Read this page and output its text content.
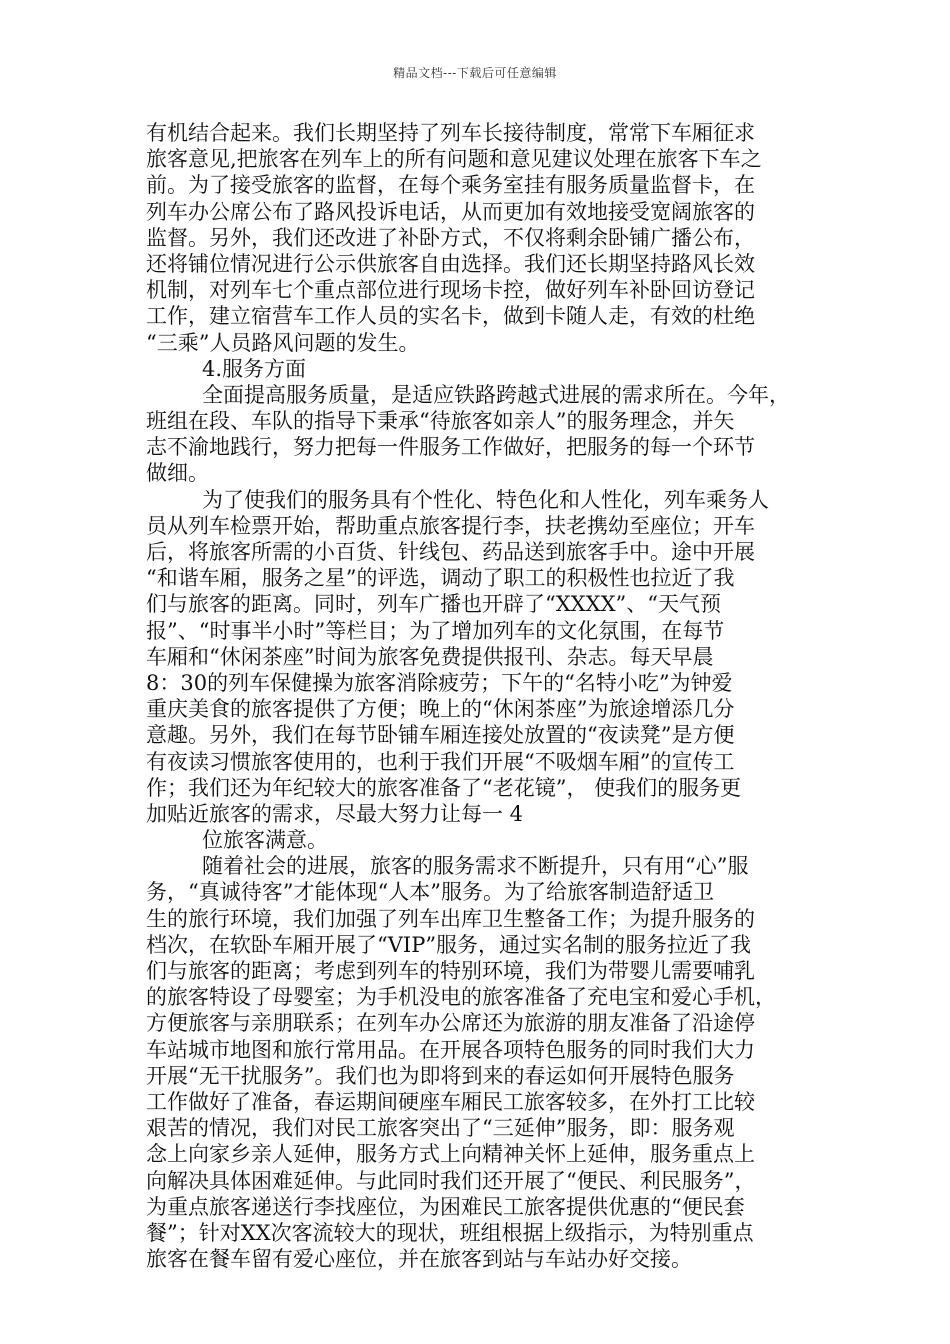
精品文档---下载后可任意编辑
有机结合起来。我们长期坚持了列车长接待制度，常常下车厢征求
旅客意见,把旅客在列车上的所有问题和意见建议处理在旅客下车之
前。为了接受旅客的监督，在每个乘务室挂有服务质量监督卡，在
列车办公席公布了路风投诉电话，从而更加有效地接受宽阔旅客的
监督。另外，我们还改进了补卧方式，不仅将剩余卧铺广播公布，
还将铺位情况进行公示供旅客自由选择。我们还长期坚持路风长效
机制，对列车七个重点部位进行现场卡控，做好列车补卧回访登记
工作，建立宿营车工作人员的实名卡，做到卡随人走，有效的杜绝
“三乘”人员路风问题的发生。
4.服务方面
全面提高服务质量，是适应铁路跨越式进展的需求所在。今年，
班组在段、车队的指导下秉承“待旅客如亲人”的服务理念，并矢
志不渝地践行，努力把每一件服务工作做好，把服务的每一个环节
做细。
为了使我们的服务具有个性化、特色化和人性化，列车乘务人
员从列车检票开始，帮助重点旅客提行李，扶老携幼至座位；开车
后，将旅客所需的小百货、针线包、药品送到旅客手中。途中开展
“和谐车厢，服务之星”的评选，调动了职工的积极性也拉近了我
们与旅客的距离。同时，列车广播也开辟了“XXXX”、“天气预
报”、“时事半小时”等栏目；为了增加列车的文化氛围，在每节
车厢和“休闲茶座”时间为旅客免费提供报刊、杂志。每天早晨
8：30的列车保健操为旅客消除疲劳；下午的“名特小吃”为钟爱
重庆美食的旅客提供了方便；晚上的“休闲茶座”为旅途增添几分
意趣。另外，我们在每节卧铺车厢连接处放置的“夜读凳”是方便
有夜读习惯旅客使用的，也利于我们开展“不吸烟车厢”的宣传工
作；我们还为年纪较大的旅客准备了“老花镜”， 使我们的服务更
加贴近旅客的需求，尽最大努力让每一 4
位旅客满意。
随着社会的进展，旅客的服务需求不断提升，只有用“心”服
务，“真诚待客”才能体现“人本”服务。为了给旅客制造舒适卫
生的旅行环境，我们加强了列车出库卫生整备工作；为提升服务的
档次，在软卧车厢开展了“VIP”服务，通过实名制的服务拉近了我
们与旅客的距离；考虑到列车的特别环境，我们为带婴儿需要哺乳
的旅客特设了母婴室；为手机没电的旅客准备了充电宝和爱心手机，
方便旅客与亲朋联系；在列车办公席还为旅游的朋友准备了沿途停
车站城市地图和旅行常用品。在开展各项特色服务的同时我们大力
开展“无干扰服务”。我们也为即将到来的春运如何开展特色服务
工作做好了准备，春运期间硬座车厢民工旅客较多，在外打工比较
艰苦的情况，我们对民工旅客突出了“三延伸”服务，即：服务观
念上向家乡亲人延伸，服务方式上向精神关怀上延伸，服务重点上
向解决具体困难延伸。与此同时我们还开展了“便民、利民服务”，
为重点旅客递送行李找座位，为困难民工旅客提供优惠的“便民套
餐”；针对XX次客流较大的现状，班组根据上级指示，为特别重点
旅客在餐车留有爱心座位，并在旅客到站与车站办好交接。
